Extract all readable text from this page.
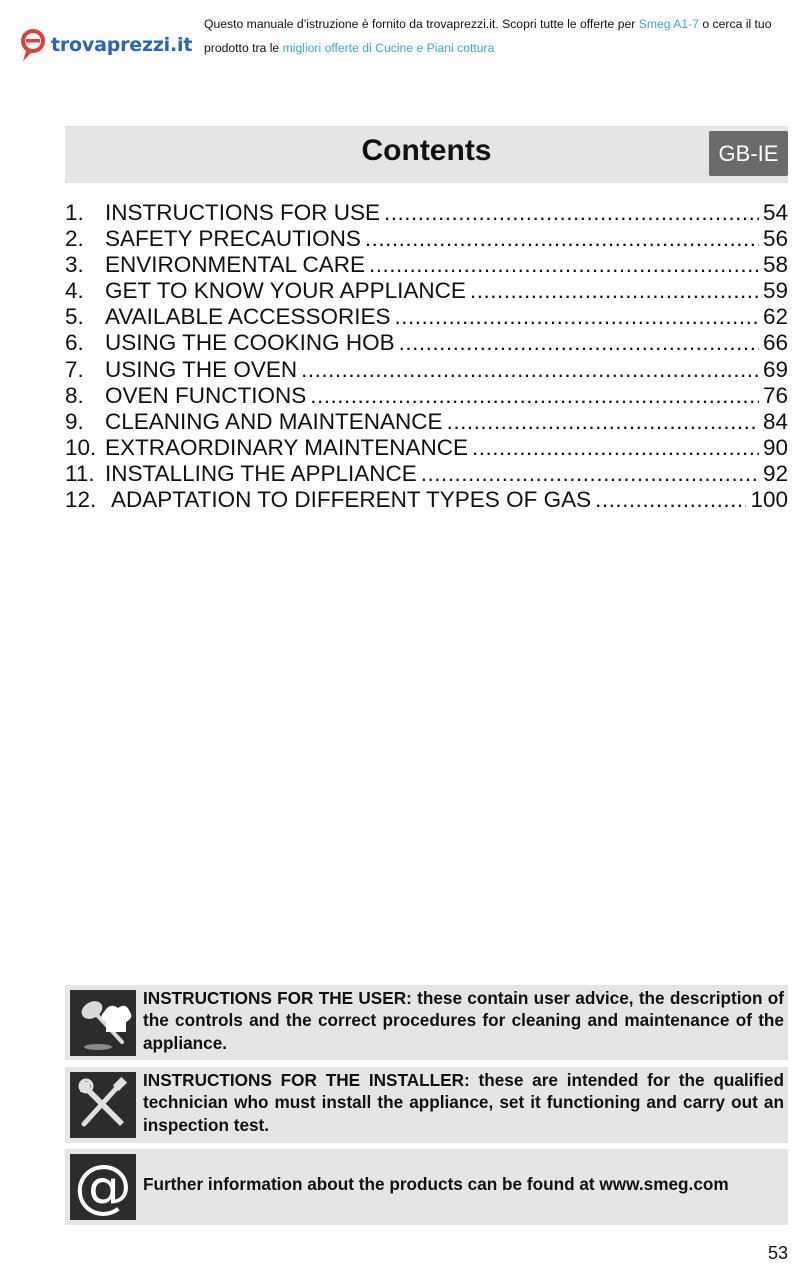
trovaprezzi.it
Questo manuale d’istruzione è fornito da trovaprezzi.it. Scopri tutte le offerte per Smeg A1-7 o cerca il tuo prodotto tra le migliori offerte di Cucine e Piani cottura
Contents	GB-IE
1. INSTRUCTIONS FOR USE .....	54
2. SAFETY PRECAUTIONS .....	56
3. ENVIRONMENTAL CARE .....	58
4. GET TO KNOW YOUR APPLIANCE .....	59
5. AVAILABLE ACCESSORIES .....	62
6. USING THE COOKING HOB .....	66
7. USING THE OVEN .....	69
8. OVEN FUNCTIONS .....	76
9. CLEANING AND MAINTENANCE .....	84
10. EXTRAORDINARY MAINTENANCE .....	90
11. INSTALLING THE APPLIANCE .....	92
12. ADAPTATION TO DIFFERENT TYPES OF GAS .....	100
INSTRUCTIONS FOR THE USER: these contain user advice, the description of the controls and the correct procedures for cleaning and maintenance of the appliance.
INSTRUCTIONS FOR THE INSTALLER: these are intended for the qualified technician who must install the appliance, set it functioning and carry out an inspection test.
@ Further information about the products can be found at www.smeg.com
53
